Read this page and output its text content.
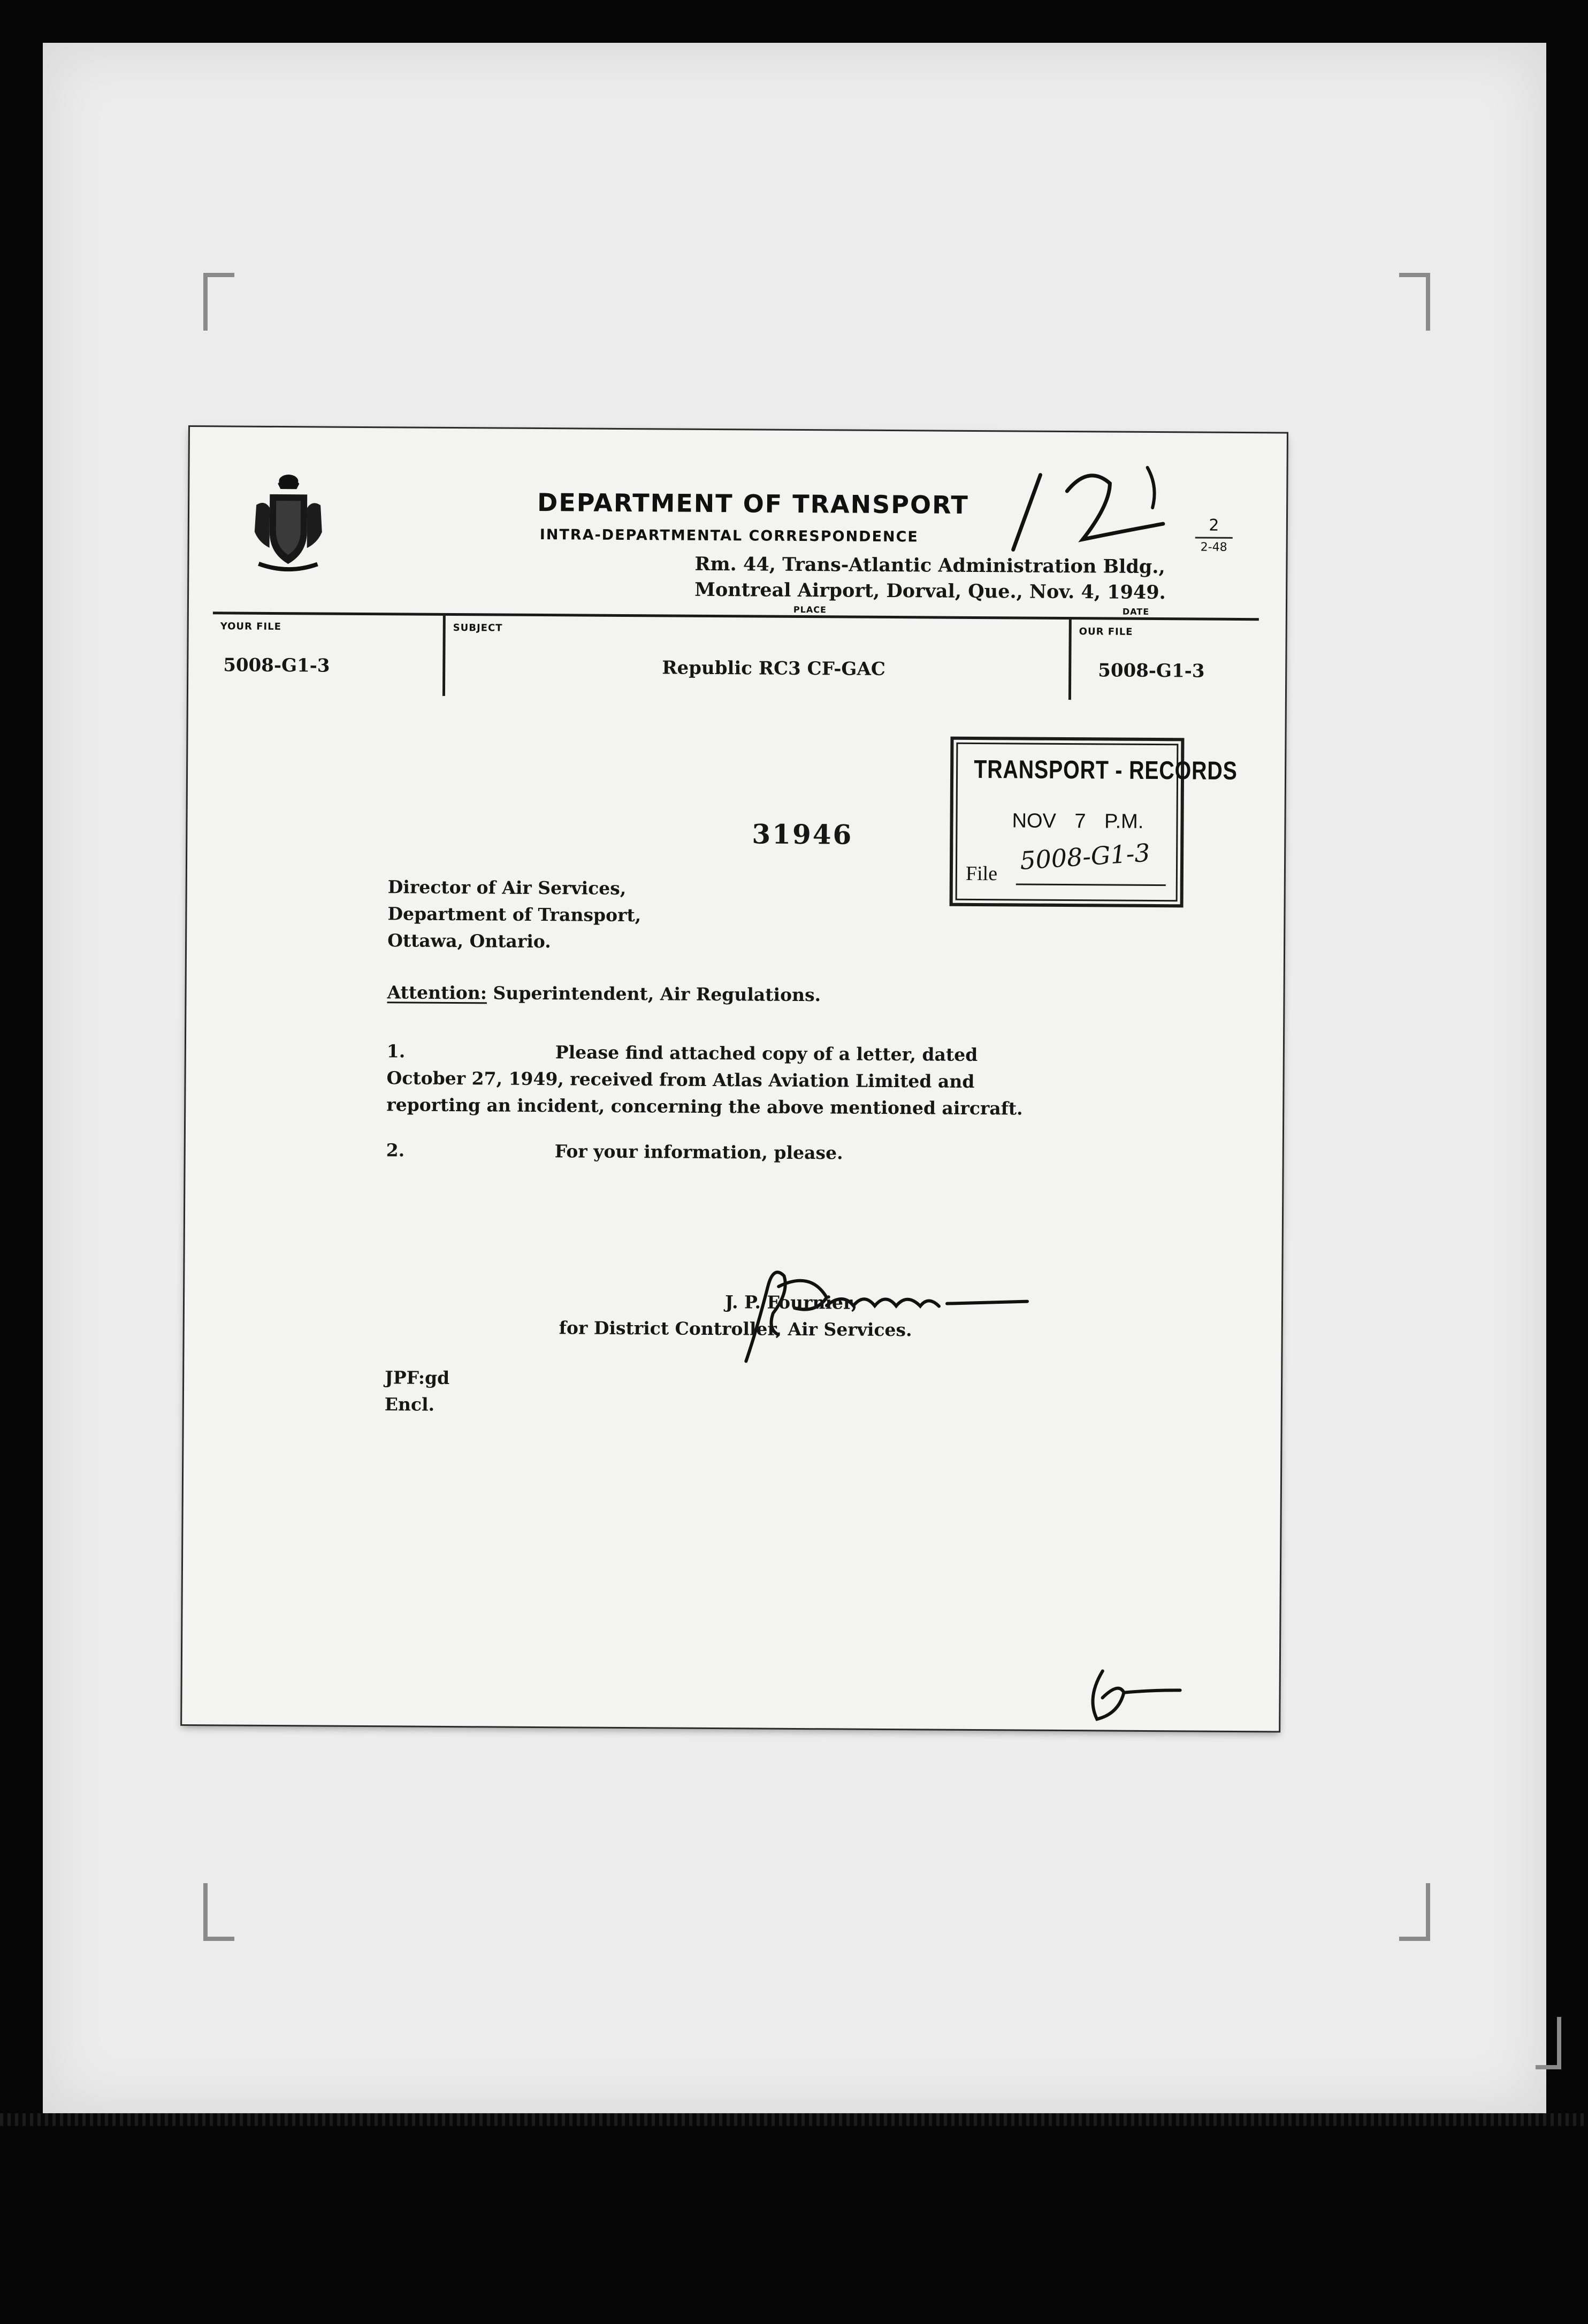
DEPARTMENT OF TRANSPORT
INTRA-DEPARTMENTAL CORRESPONDENCE
2
2-48
Rm. 44, Trans-Atlantic Administration Bldg.,
Montreal Airport, Dorval, Que., Nov. 4, 1949.
PLACE	DATE
YOUR FILE
5008-G1-3
SUBJECT
Republic RC3 CF-GAC
OUR FILE
5008-G1-3
TRANSPORT - RECORDS
NOV 7 P.M.
File 5008-G1-3
31946
Director of Air Services,
Department of Transport,
Ottawa, Ontario.
Attention: Superintendent, Air Regulations.
1.	Please find attached copy of a letter, dated
October 27, 1949, received from Atlas Aviation Limited and
reporting an incident, concerning the above mentioned aircraft.
2.	For your information, please.
J. P. Fournier,
for District Controller, Air Services.
JPF:gd
Encl.
